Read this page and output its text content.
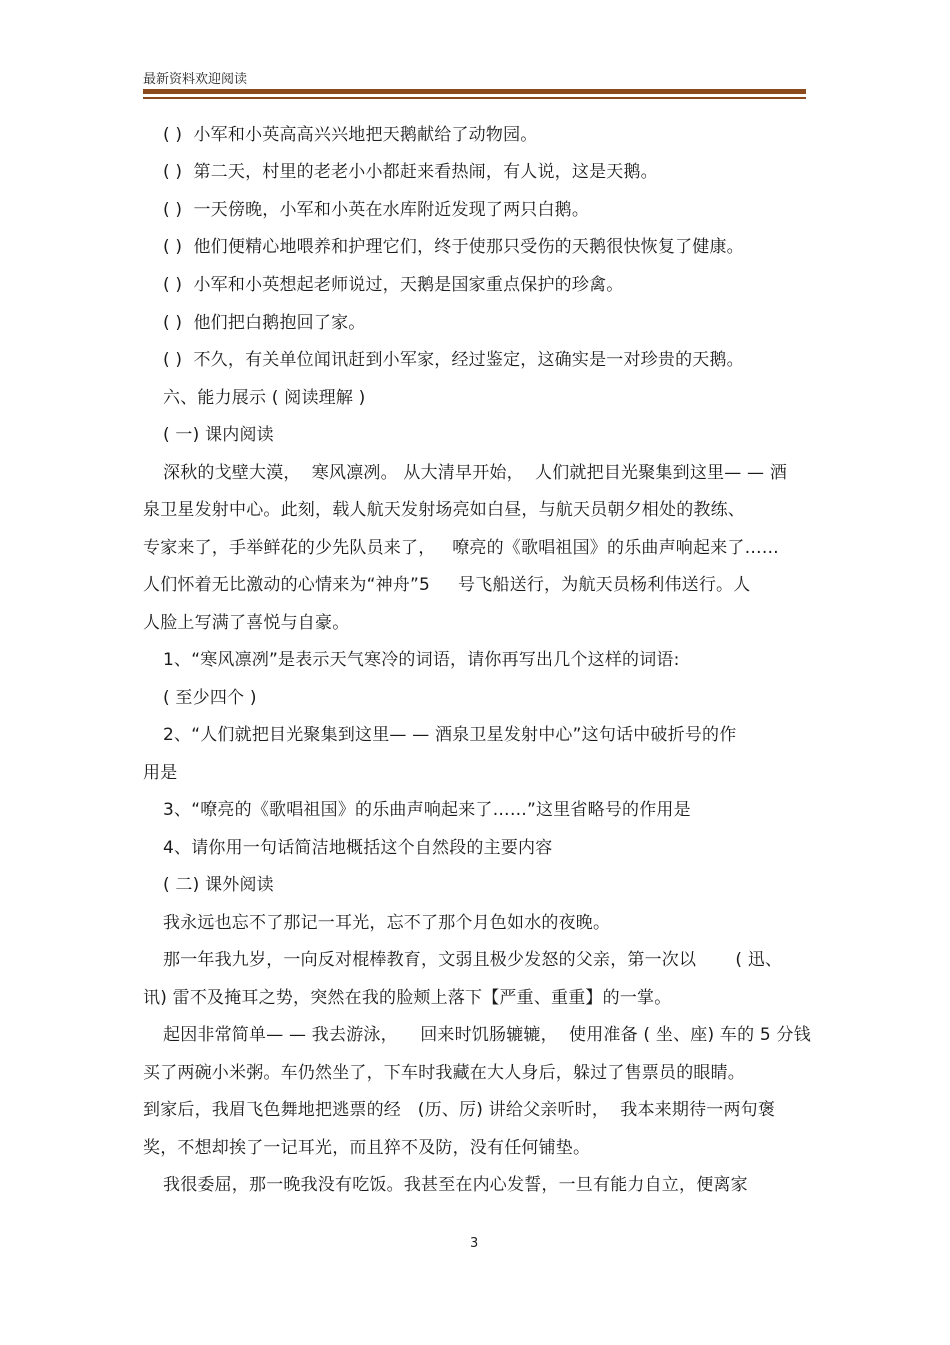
最新资料欢迎阅读
( )  小军和小英高高兴兴地把天鹅献给了动物园。
( )  第二天，村里的老老小小都赶来看热闹，有人说，这是天鹅。
( )  一天傍晚，小军和小英在水库附近发现了两只白鹅。
( )  他们便精心地喂养和护理它们，终于使那只受伤的天鹅很快恢复了健康。
( )  小军和小英想起老师说过，天鹅是国家重点保护的珍禽。
( )  他们把白鹅抱回了家。
( )  不久，有关单位闻讯赶到小军家，经过鉴定，这确实是一对珍贵的天鹅。
六、能力展示 ( 阅读理解 )
( 一) 课内阅读
深秋的戈壁大漠，  寒风凛冽。 从大清早开始，  人们就把目光聚集到这里— — 酒
泉卫星发射中心。此刻，载人航天发射场亮如白昼，与航天员朝夕相处的教练、
专家来了，手举鲜花的少先队员来了，   嘹亮的《歌唱祖国》的乐曲声响起来了……
人们怀着无比激动的心情来为“神舟”5     号飞船送行，为航天员杨利伟送行。人
人脸上写满了喜悦与自豪。
1、“寒风凛冽”是表示天气寒冷的词语，请你再写出几个这样的词语:
( 至少四个 )
2、“人们就把目光聚集到这里— — 酒泉卫星发射中心”这句话中破折号的作
用是
3、“嘹亮的《歌唱祖国》的乐曲声响起来了……”这里省略号的作用是
4、请你用一句话简洁地概括这个自然段的主要内容
( 二) 课外阅读
我永远也忘不了那记一耳光，忘不了那个月色如水的夜晚。
那一年我九岁，一向反对棍棒教育，文弱且极少发怒的父亲，第一次以       ( 迅、
讯) 雷不及掩耳之势，突然在我的脸颊上落下【严重、重重】的一掌。
起因非常简单— — 我去游泳，    回来时饥肠辘辘，  使用准备 ( 坐、座) 车的 5 分钱
买了两碗小米粥。车仍然坐了，下车时我藏在大人身后，躲过了售票员的眼睛。
到家后，我眉飞色舞地把逃票的经   (历、厉) 讲给父亲听时，  我本来期待一两句褒
奖，不想却挨了一记耳光，而且猝不及防，没有任何铺垫。
我很委屈，那一晚我没有吃饭。我甚至在内心发誓，一旦有能力自立，便离家
3
